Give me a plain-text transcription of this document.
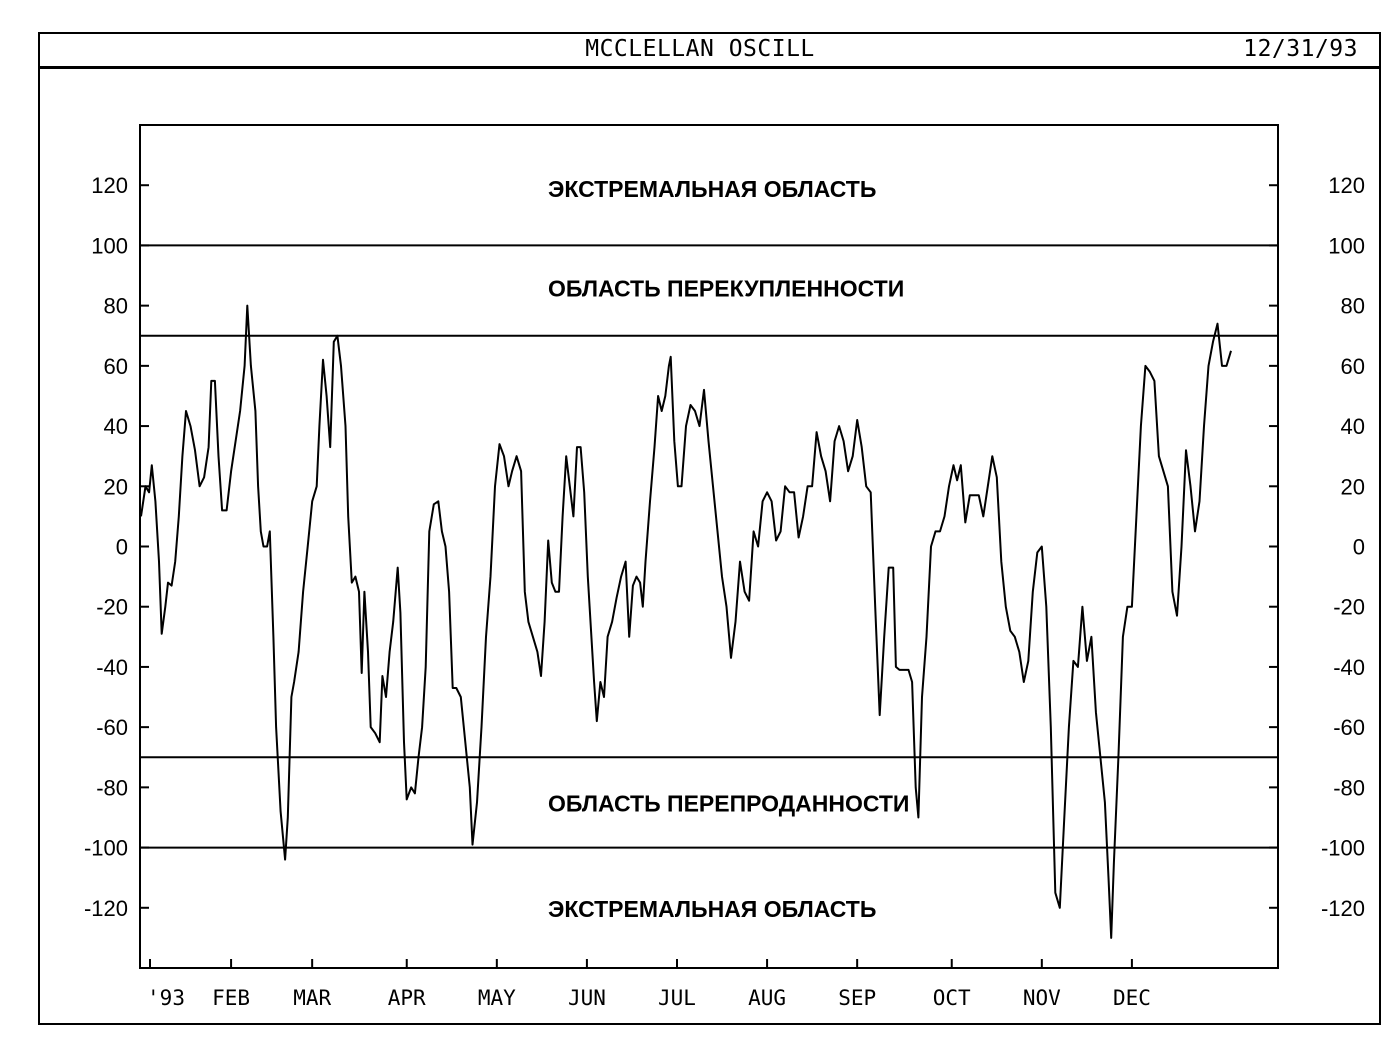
MCCLELLAN OSCILL	12/31/93
ЭКСТРЕМАЛЬНАЯ ОБЛАСТЬ
ОБЛАСТЬ ПЕРЕКУПЛЕННОСТИ
ОБЛАСТЬ ПЕРЕПРОДАННОСТИ
ЭКСТРЕМАЛЬНАЯ ОБЛАСТЬ
120	120
100	100
80	80
60	60
40	40
20	20
0	0
-20	-20
-40	-40
-60	-60
-80	-80
-100	-100
-120	-120
'93 FEB MAR	APR MAY JUN JUL AUG SEP	OCT NOV DEC
